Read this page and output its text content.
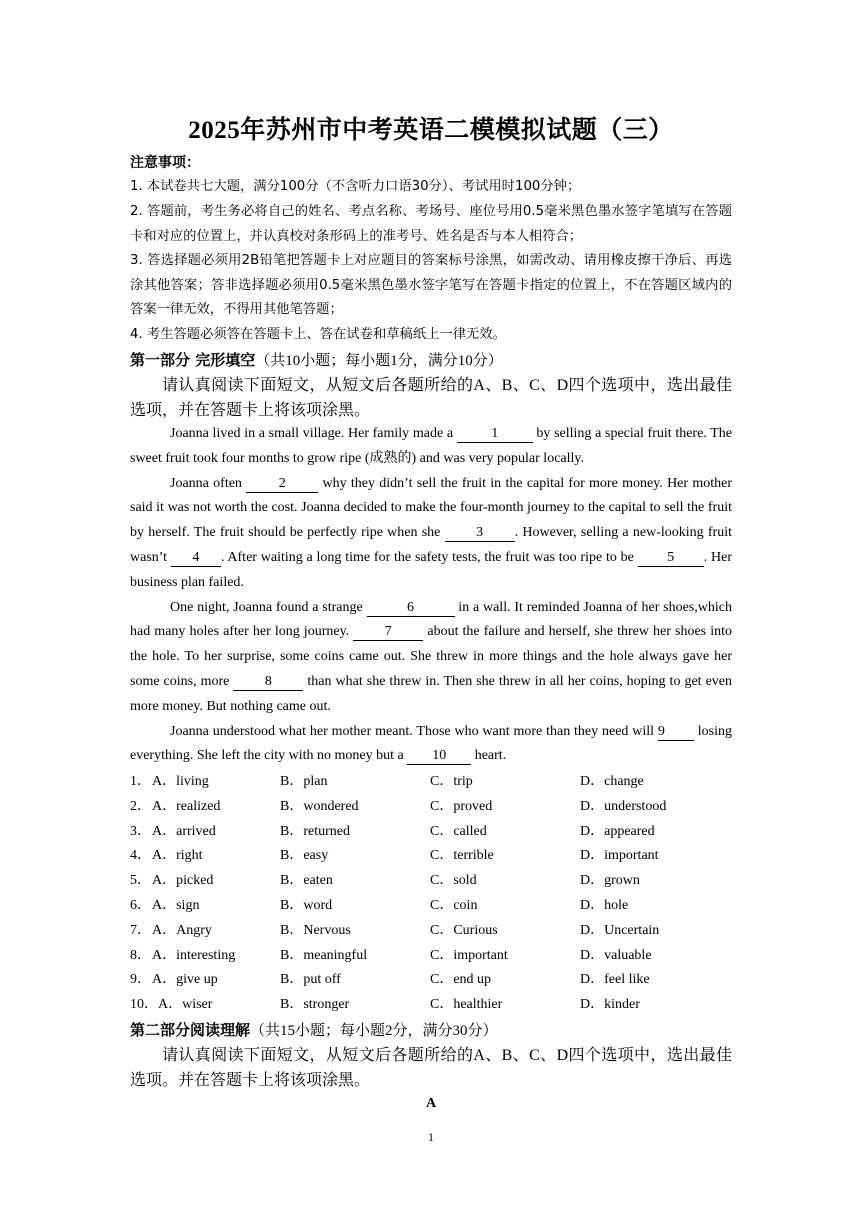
2025年苏州市中考英语二模模拟试题（三）
注意事项：
1. 本试卷共七大题，满分100分（不含听力口语30分）、考试用时100分钟；
2. 答题前，考生务必将自己的姓名、考点名称、考场号、座位号用0.5毫米黑色墨水签字笔填写在答题卡和对应的位置上，并认真校对条形码上的准考号、姓名是否与本人相符合；
3. 答选择题必须用2B铅笔把答题卡上对应题目的答案标号涂黑，如需改动、请用橡皮擦干净后、再选涂其他答案；答非选择题必须用0.5毫米黑色墨水签字笔写在答题卡指定的位置上，不在答题区域内的答案一律无效，不得用其他笔答题；
4. 考生答题必须答在答题卡上、答在试卷和草稿纸上一律无效。
第一部分 完形填空（共10小题；每小题1分，满分10分）
请认真阅读下面短文，从短文后各题所给的A、B、C、D四个选项中，选出最佳选项，并在答题卡上将该项涂黑。

Joanna lived in a small village. Her family made a 1 by selling a special fruit there. The sweet fruit took four months to grow ripe (成熟的) and was very popular locally.

Joanna often 2 why they didn’t sell the fruit in the capital for more money. Her mother said it was not worth the cost. Joanna decided to make the four-month journey to the capital to sell the fruit by herself. The fruit should be perfectly ripe when she 3 . However, selling a new-looking fruit wasn’t 4 . After waiting a long time for the safety tests, the fruit was too ripe to be 5 . Her business plan failed.

One night, Joanna found a strange	6	in a wall. It reminded Joanna of her shoes,which had many holes after her long journey. 7 about the failure and herself, she threw her shoes into the hole. To her surprise, some coins came out. She threw in more things and the hole always gave her some coins, more 8 than what she threw in. Then she threw in all her coins, hoping to get even more money. But nothing came out.

Joanna understood what her mother meant. Those who want more than they need will 9 losing everything. She left the city with no money but a 10 heart.

1． A．living	B．plan	C．trip	D．change
2． A．realized	B．wondered	C．proved	D．understood
3． A．arrived	B．returned	C．called	D．appeared
4． A．right	B．easy	C．terrible	D．important
5． A．picked	B．eaten	C．sold	D．grown
6． A．sign	B．word	C．coin	D．hole
7． A．Angry	B．Nervous	C．Curious	D．Uncertain
8． A．interesting	B．meaningful	C．important	D．valuable
9． A．give up	B．put off	C．end up	D．feel like
10． A．wiser	B．stronger	C．healthier	D．kinder
第二部分阅读理解（共15小题；每小题2分，满分30分）
请认真阅读下面短文，从短文后各题所给的A、B、C、D四个选项中，选出最佳选项。并在答题卡上将该项涂黑。
A
1
